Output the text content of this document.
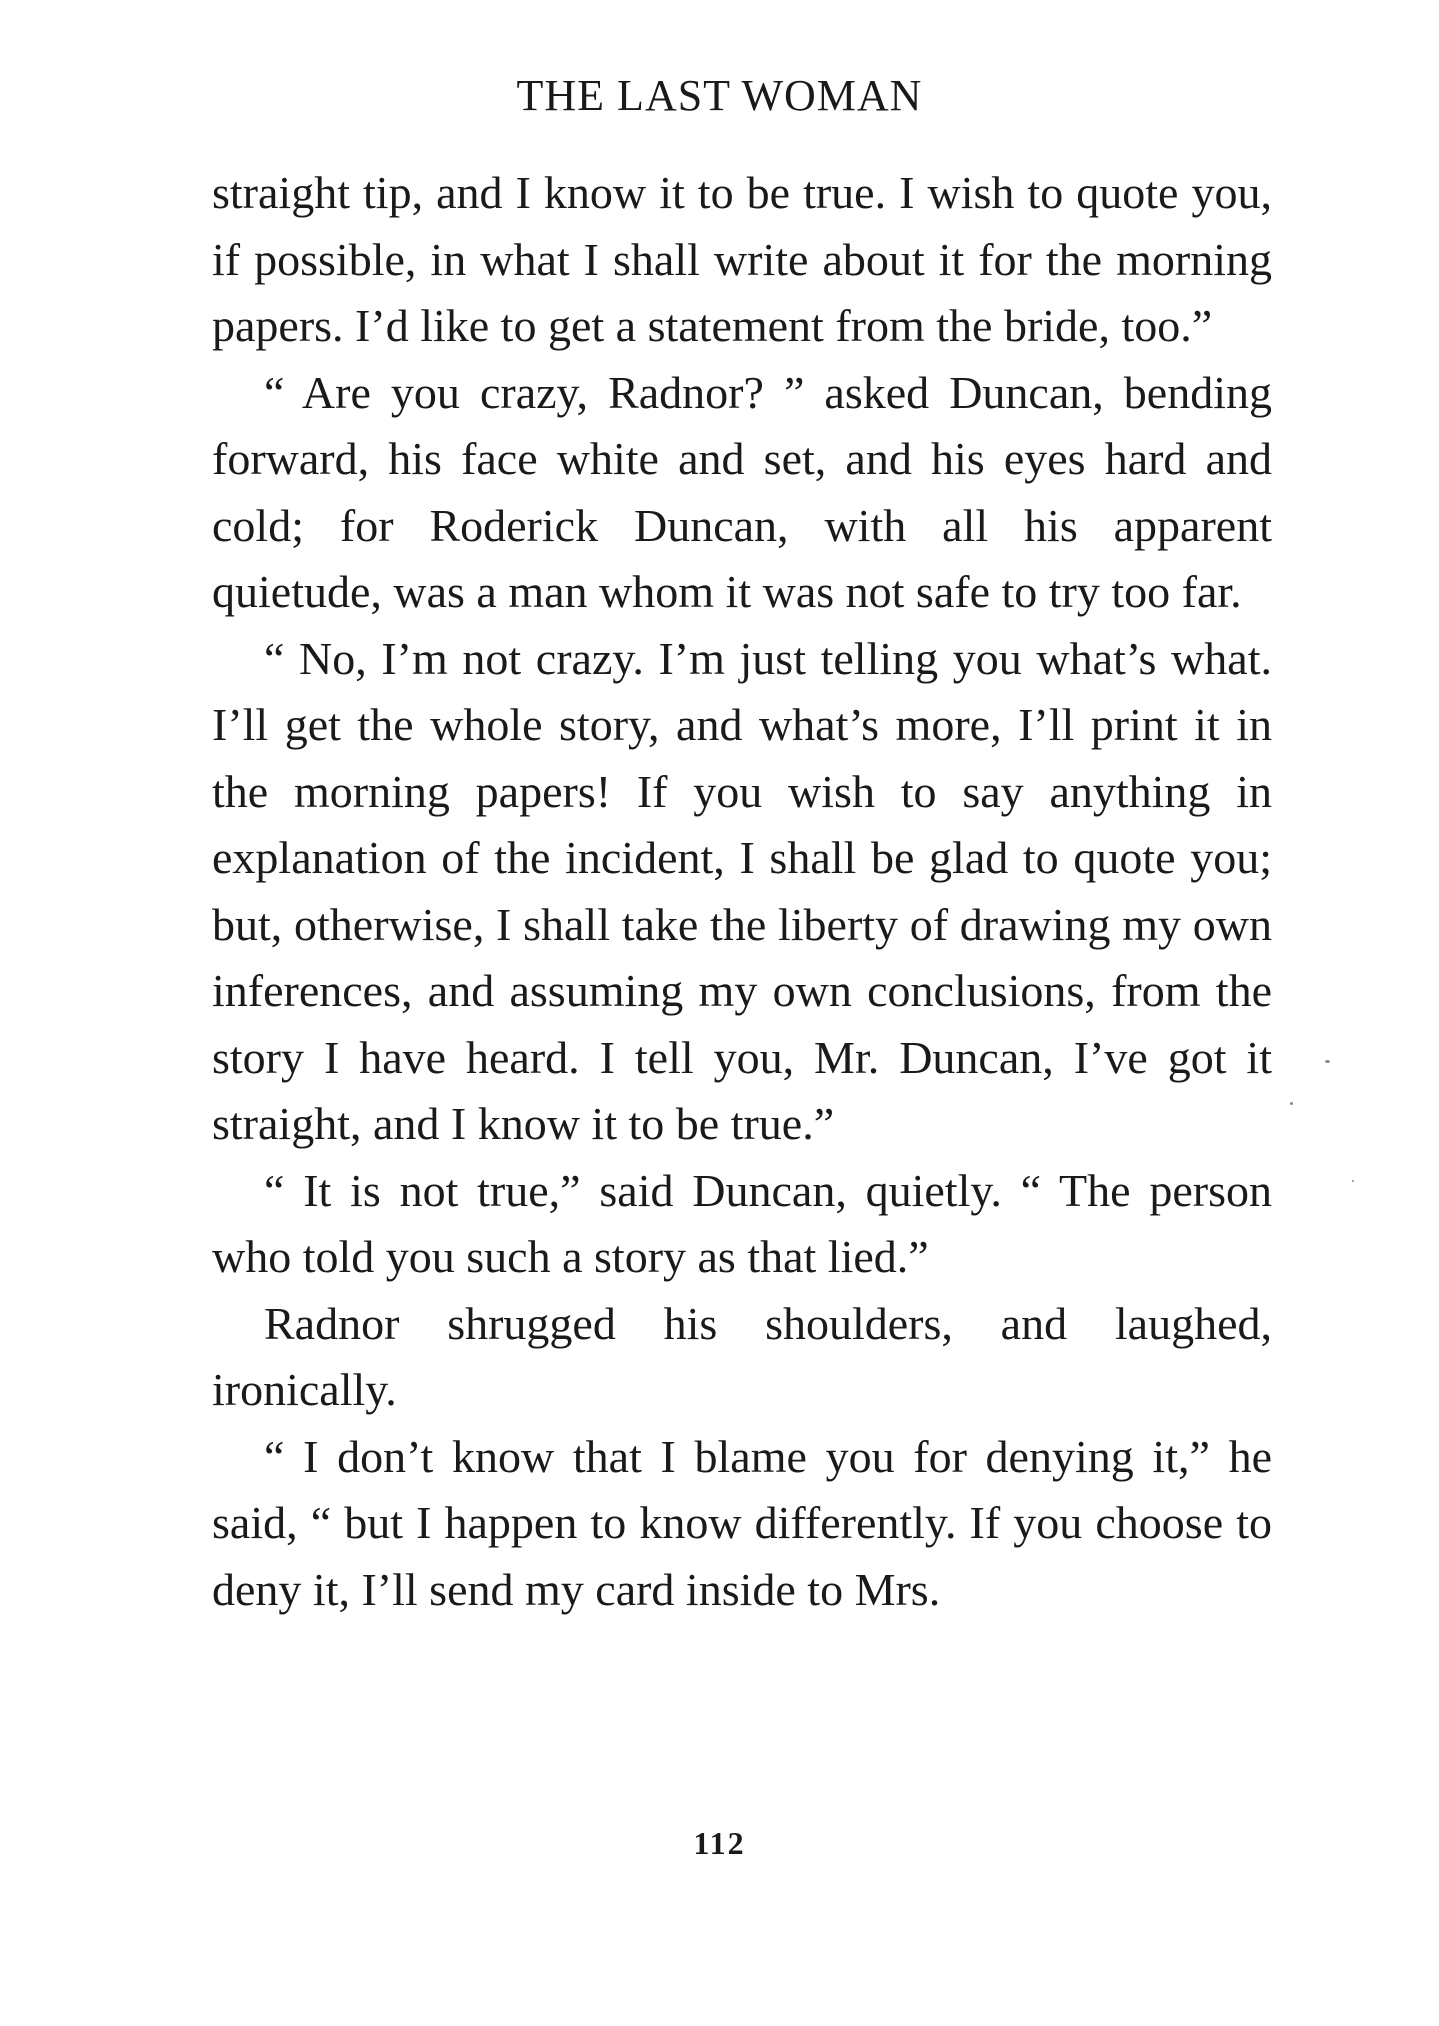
THE LAST WOMAN

straight tip, and I know it to be true. I wish to quote you, if possible, in what I shall write about it for the morning papers. I’d like to get a statement from the bride, too.”

“ Are you crazy, Radnor? ” asked Duncan, bending forward, his face white and set, and his eyes hard and cold; for Roderick Duncan, with all his apparent quietude, was a man whom it was not safe to try too far.

“ No, I’m not crazy. I’m just telling you what’s what. I’ll get the whole story, and what’s more, I’ll print it in the morning papers! If you wish to say anything in explanation of the incident, I shall be glad to quote you; but, otherwise, I shall take the liberty of drawing my own inferences, and assuming my own conclusions, from the story I have heard. I tell you, Mr. Duncan, I’ve got it straight, and I know it to be true.”

“ It is not true,” said Duncan, quietly. “ The person who told you such a story as that lied.”

Radnor shrugged his shoulders, and laughed, ironically.

“ I don’t know that I blame you for denying it,” he said, “ but I happen to know differently. If you choose to deny it, I’ll send my card inside to Mrs.

112
